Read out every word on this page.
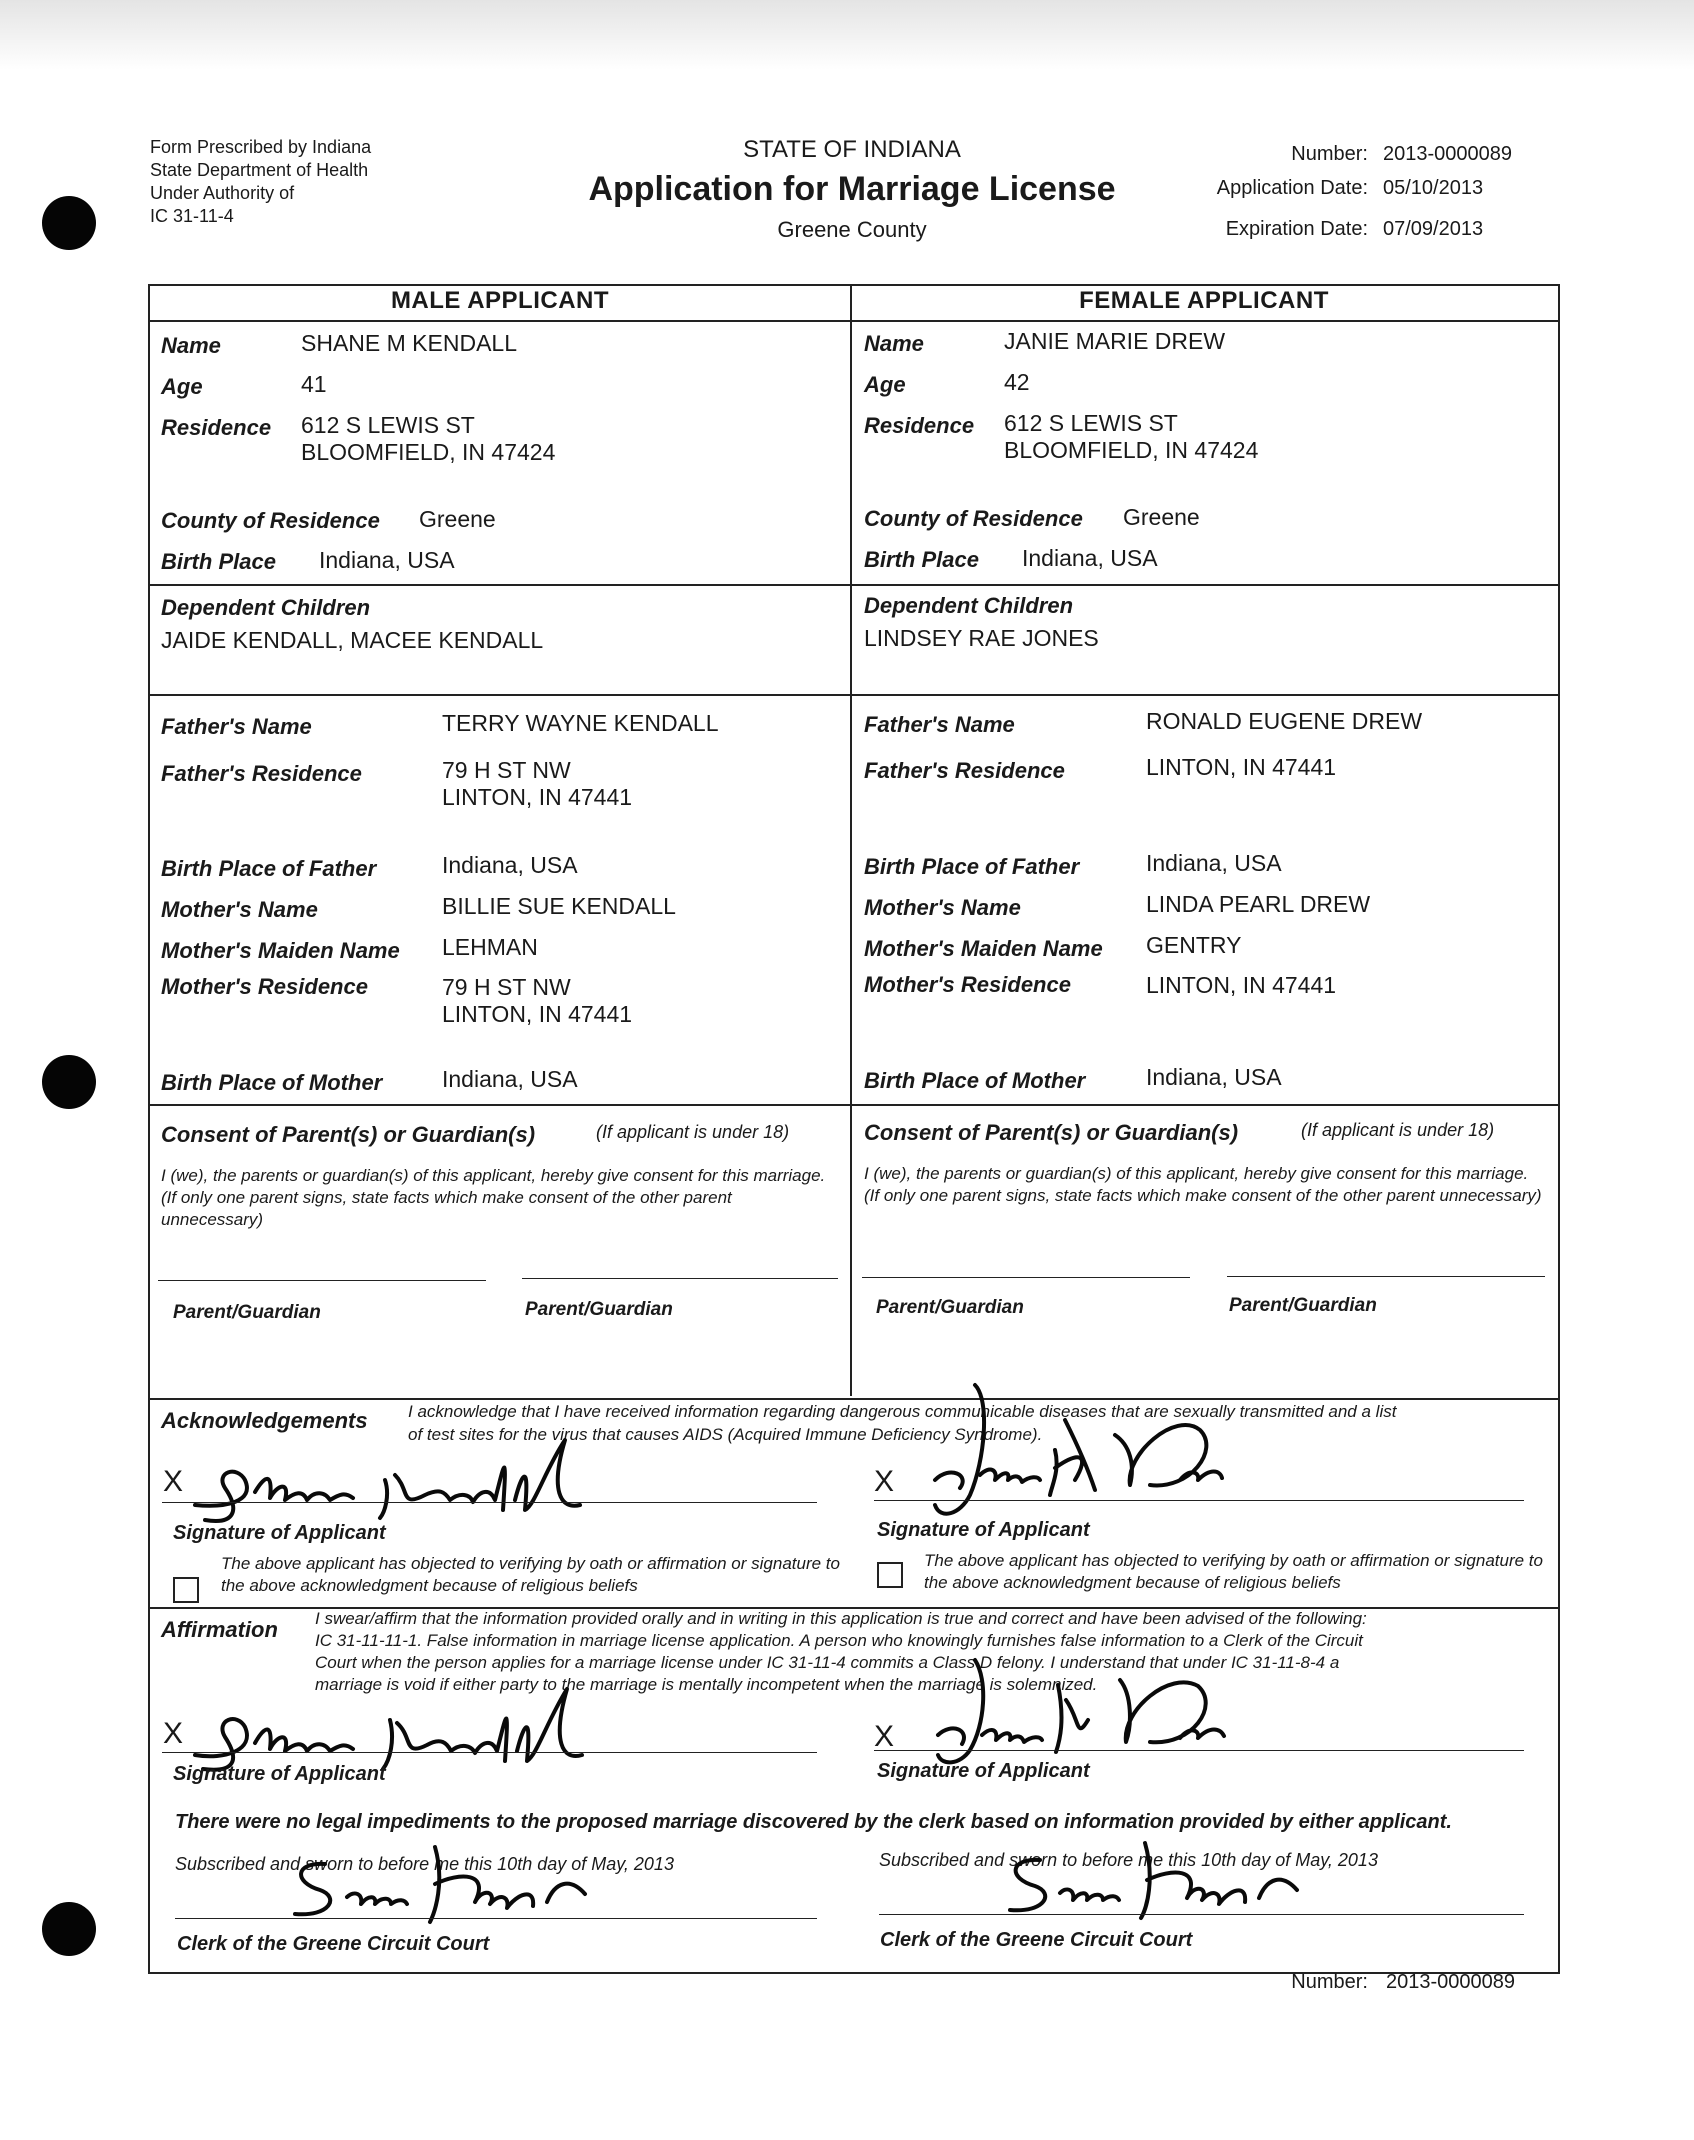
Form Prescribed by Indiana
State Department of Health
Under Authority of
IC 31-11-4
STATE OF INDIANA
Application for Marriage License
Greene County
Number: 2013-0000089
Application Date: 05/10/2013
Expiration Date: 07/09/2013
MALE APPLICANT	FEMALE APPLICANT
Name	SHANE M KENDALL
Age	41
Residence 612 S LEWIS ST
BLOOMFIELD, IN 47424
County of Residence Greene
Birth Place Indiana, USA
Name	JANIE MARIE DREW
Age	42
Residence 612 S LEWIS ST
BLOOMFIELD, IN 47424
County of Residence Greene
Birth Place Indiana, USA
Dependent Children
JAIDE KENDALL, MACEE KENDALL
Dependent Children
LINDSEY RAE JONES
Father's Name	TERRY WAYNE KENDALL
Father's Residence	79 H ST NW
LINTON, IN 47441
Birth Place of Father	Indiana, USA
Mother's Name	BILLIE SUE KENDALL
Mother's Maiden Name LEHMAN
Mother's Residence	79 H ST NW
LINTON, IN 47441
Birth Place of Mother	Indiana, USA
Father's Name	RONALD EUGENE DREW
Father's Residence	LINTON, IN 47441
Birth Place of Father	Indiana, USA
Mother's Name	LINDA PEARL DREW
Mother's Maiden Name GENTRY
Mother's Residence	LINTON, IN 47441
Birth Place of Mother	Indiana, USA
Consent of Parent(s) or Guardian(s)	(If applicant is under 18)
I (we), the parents or guardian(s) of this applicant, hereby give consent for this marriage. (If only one parent signs, state facts which make consent of the other parent unnecessary)
Parent/Guardian	Parent/Guardian
Consent of Parent(s) or Guardian(s)	(If applicant is under 18)
I (we), the parents or guardian(s) of this applicant, hereby give consent for this marriage. (If only one parent signs, state facts which make consent of the other parent unnecessary)
Parent/Guardian	Parent/Guardian
Acknowledgements I acknowledge that I have received information regarding dangerous communicable diseases that are sexually transmitted and a list
of test sites for the virus that causes AIDS (Acquired Immune Deficiency Syndrome).
X
Signature of Applicant
The above applicant has objected to verifying by oath or affirmation or signature to the above acknowledgment because of religious beliefs
X
Signature of Applicant
The above applicant has objected to verifying by oath or affirmation or signature to the above acknowledgment because of religious beliefs
Affirmation I swear/affirm that the information provided orally and in writing in this application is true and correct and have been advised of the following:
IC 31-11-11-1. False information in marriage license application. A person who knowingly furnishes false information to a Clerk of the Circuit
Court when the person applies for a marriage license under IC 31-11-4 commits a Class D felony. I understand that under IC 31-11-8-4 a
marriage is void if either party to the marriage is mentally incompetent when the marriage is solemnized.
X
Signature of Applicant
X
Signature of Applicant
There were no legal impediments to the proposed marriage discovered by the clerk based on information provided by either applicant.
Subscribed and sworn to before me this 10th day of May, 2013
Clerk of the Greene Circuit Court
Subscribed and sworn to before me this 10th day of May, 2013
Clerk of the Greene Circuit Court
Number: 2013-0000089
